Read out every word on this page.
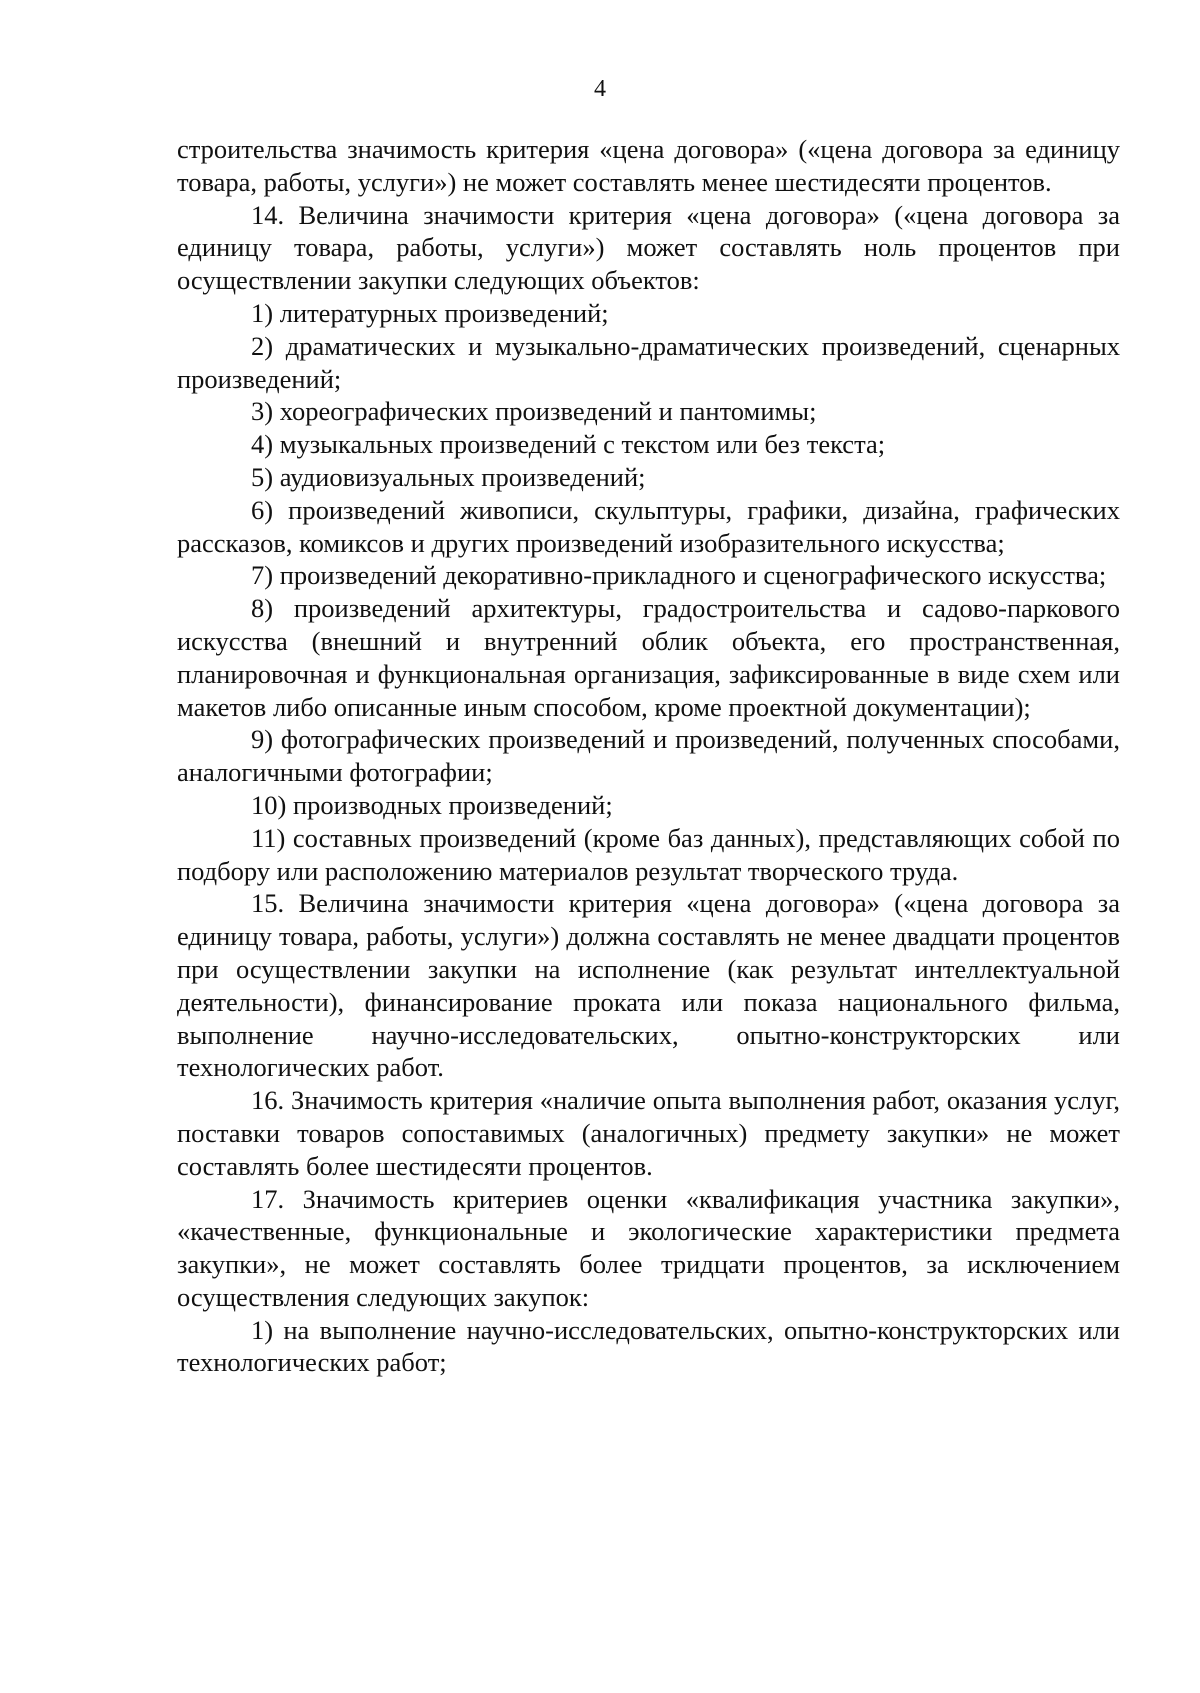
4

строительства значимость критерия «цена договора» («цена договора за единицу товара, работы, услуги») не может составлять менее шестидесяти процентов.

14. Величина значимости критерия «цена договора» («цена договора за единицу товара, работы, услуги») может составлять ноль процентов при осуществлении закупки следующих объектов:

1) литературных произведений;

2) драматических и музыкально-драматических произведений, сценарных произведений;

3) хореографических произведений и пантомимы;

4) музыкальных произведений с текстом или без текста;

5) аудиовизуальных произведений;

6) произведений живописи, скульптуры, графики, дизайна, графических рассказов, комиксов и других произведений изобразительного искусства;

7) произведений декоративно-прикладного и сценографического искусства;

8) произведений архитектуры, градостроительства и садово-паркового искусства (внешний и внутренний облик объекта, его пространственная, планировочная и функциональная организация, зафиксированные в виде схем или макетов либо описанные иным способом, кроме проектной документации);

9) фотографических произведений и произведений, полученных способами, аналогичными фотографии;

10) производных произведений;

11) составных произведений (кроме баз данных), представляющих собой по подбору или расположению материалов результат творческого труда.

15. Величина значимости критерия «цена договора» («цена договора за единицу товара, работы, услуги») должна составлять не менее двадцати процентов при осуществлении закупки на исполнение (как результат интеллектуальной деятельности), финансирование проката или показа национального фильма, выполнение научно-исследовательских, опытно-конструкторских или технологических работ.

16. Значимость критерия «наличие опыта выполнения работ, оказания услуг, поставки товаров сопоставимых (аналогичных) предмету закупки» не может составлять более шестидесяти процентов.

17. Значимость критериев оценки «квалификация участника закупки», «качественные, функциональные и экологические характеристики предмета закупки», не может составлять более тридцати процентов, за исключением осуществления следующих закупок:

1) на выполнение научно-исследовательских, опытно-конструкторских или технологических работ;
